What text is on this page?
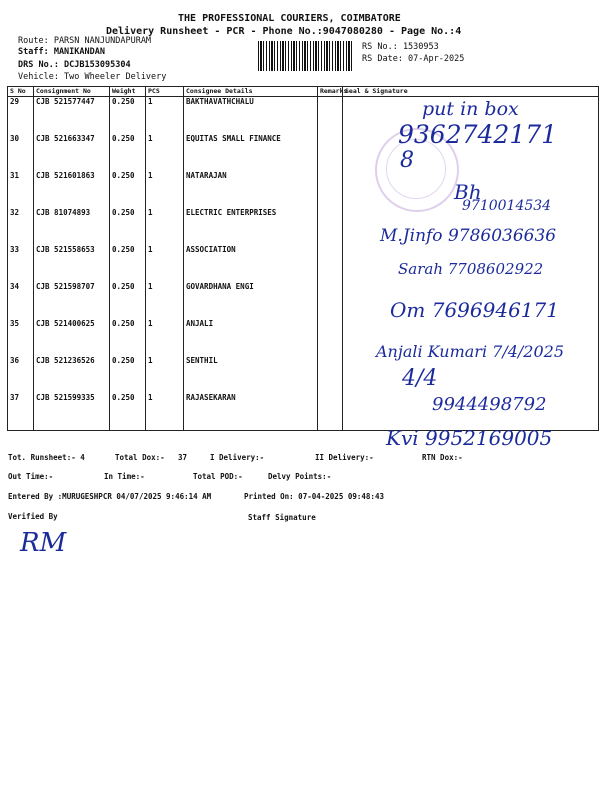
THE PROFESSIONAL COURIERS, COIMBATORE
Delivery Runsheet - PCR - Phone No.:9047080280 - Page No.:4
Route: PARSN NANJUNDAPURAM
Staff: MANIKANDAN
DRS No.: DCJB153095304
Vehicle: Two Wheeler Delivery
RS No.: 1530953
RS Date: 07-Apr-2025
S No	Consignment No	Weight	PCS	Consignee Details	Remarks	Seal & Signature
29	CJB 521577447	0.250	1	BAKTHAVATHCHALU		
30	CJB 521663347	0.250	1	EQUITAS SMALL FINANCE		
31	CJB 521601863	0.250	1	NATARAJAN		
32	CJB 81074893	0.250	1	ELECTRIC ENTERPRISES		
33	CJB 521558653	0.250	1	ASSOCIATION		
34	CJB 521598707	0.250	1	GOVARDHANA ENGI		
35	CJB 521400625	0.250	1	ANJALI		
36	CJB 521236526	0.250	1	SENTHIL		
37	CJB 521599335	0.250	1	RAJASEKARAN		
put in box
9362742171
8
Bh
9710014534
M.Jinfo 9786036636
Sarah 7708602922
Om 7696946171
Anjali Kumari 7/4/2025
4/4
9944498792
Kvi 9952169005
Tot. Runsheet:- 4	Total Dox:- 37	I Delivery:-	II Delivery:-	RTN Dox:-
Out Time:-	In Time:-	Total POD:-	Delvy Points:-
Entered By :MURUGESHPCR 04/07/2025 9:46:14 AM	Printed On: 07-04-2025 09:48:43
Verified By	Staff Signature
RM
